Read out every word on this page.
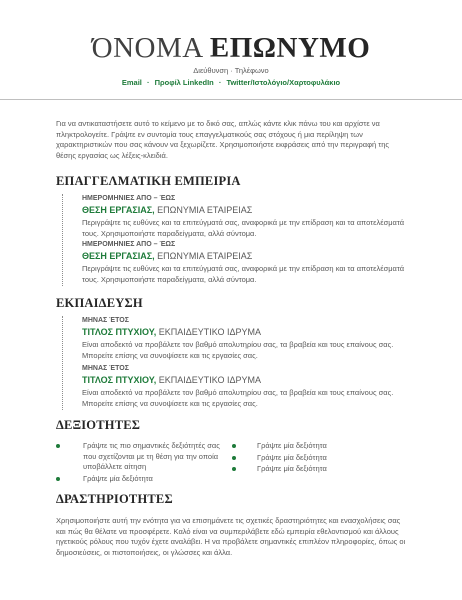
ΌΝΟΜΑ ΕΠΩΝΥΜΟ
Διεύθυνση · Τηλέφωνο
Email · Προφίλ LinkedIn · Twitter/Ιστολόγιο/Χαρτοφυλάκιο
Για να αντικαταστήσετε αυτό το κείμενο με το δικό σας, απλώς κάντε κλικ πάνω του και αρχίστε να πληκτρολογείτε. Γράψτε εν συντομία τους επαγγελματικούς σας στόχους ή μια περίληψη των χαρακτηριστικών που σας κάνουν να ξεχωρίζετε. Χρησιμοποιήστε εκφράσεις από την περιγραφή της θέσης εργασίας ως λέξεις-κλειδιά.
ΕΠΑΓΓΕΛΜΑΤΙΚΗ ΕΜΠΕΙΡΙΑ
ΗΜΕΡΟΜΗΝΙΕΣ ΑΠΟ – ΈΩΣ
ΘΕΣΗ ΕΡΓΑΣΙΑΣ, ΕΠΩΝΥΜΙΑ ΕΤΑΙΡΕΙΑΣ
Περιγράψτε τις ευθύνες και τα επιτεύγματά σας, αναφορικά με την επίδραση και τα αποτελέσματά τους. Χρησιμοποιήστε παραδείγματα, αλλά σύντομα.
ΗΜΕΡΟΜΗΝΙΕΣ ΑΠΟ – ΈΩΣ
ΘΕΣΗ ΕΡΓΑΣΙΑΣ, ΕΠΩΝΥΜΙΑ ΕΤΑΙΡΕΙΑΣ
Περιγράψτε τις ευθύνες και τα επιτεύγματά σας, αναφορικά με την επίδραση και τα αποτελέσματά τους. Χρησιμοποιήστε παραδείγματα, αλλά σύντομα.
ΕΚΠΑΙΔΕΥΣΗ
ΜΗΝΑΣ ΈΤΟΣ
ΤΙΤΛΟΣ ΠΤΥΧΙΟΥ, ΕΚΠΑΙΔΕΥΤΙΚΟ ΙΔΡΥΜΑ
Είναι αποδεκτό να προβάλετε τον βαθμό απολυτηρίου σας, τα βραβεία και τους επαίνους σας. Μπορείτε επίσης να συνοψίσετε και τις εργασίες σας.
ΜΗΝΑΣ ΈΤΟΣ
ΤΙΤΛΟΣ ΠΤΥΧΙΟΥ, ΕΚΠΑΙΔΕΥΤΙΚΟ ΙΔΡΥΜΑ
Είναι αποδεκτό να προβάλετε τον βαθμό απολυτηρίου σας, τα βραβεία και τους επαίνους σας. Μπορείτε επίσης να συνοψίσετε και τις εργασίες σας.
ΔΕΞΙΟΤΗΤΕΣ
Γράψτε τις πιο σημαντικές δεξιότητές σας που σχετίζονται με τη θέση για την οποία υποβάλλετε αίτηση
Γράψτε μία δεξιότητα
Γράψτε μία δεξιότητα
Γράψτε μία δεξιότητα
Γράψτε μία δεξιότητα
ΔΡΑΣΤΗΡΙΟΤΗΤΕΣ
Χρησιμοποιήστε αυτή την ενότητα για να επισημάνετε τις σχετικές δραστηριότητες και ενασχολήσεις σας και πώς θα θέλατε να προσφέρετε. Καλό είναι να συμπεριλάβετε εδώ εμπειρία εθελοντισμού και άλλους ηγετικούς ρόλους που τυχόν έχετε αναλάβει. Η να προβάλετε σημαντικές επιπλέον πληροφορίες, όπως οι δημοσιεύσεις, οι πιστοποιήσεις, οι γλώσσες και άλλα.
